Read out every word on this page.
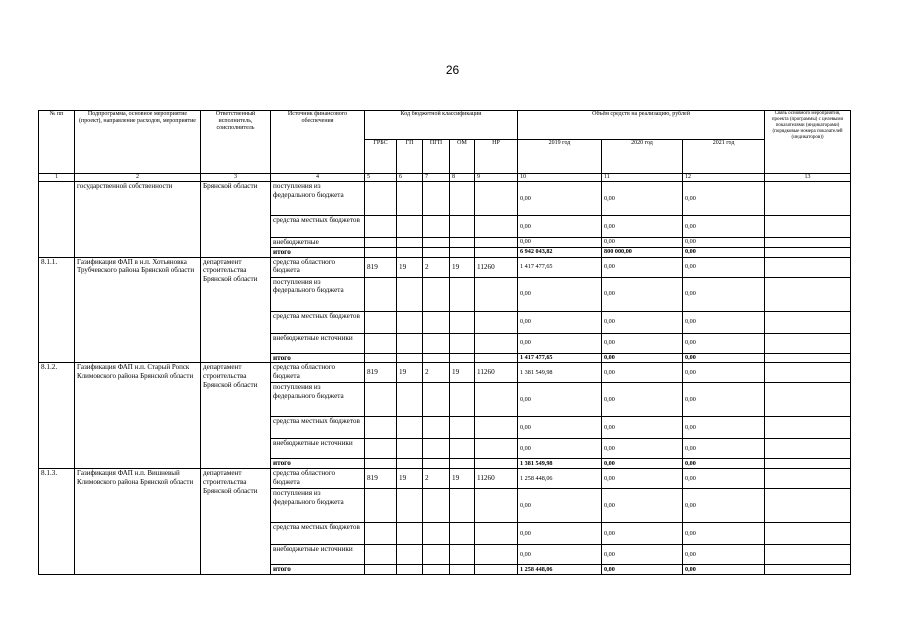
26
№ пп	Подпрограмма, основное мероприятие (проект), направление расходов, мероприятие	Ответственный исполнитель, соисполнитель	Источник финансового обеспечения	Код бюджетной классификации					Объём средств на реализацию, рублей			Связь основного мероприятия, проекта (программы) с целевыми показателями (индикаторами) (порядковые номера показателей (индикаторов))
				ГРБС	ГП	ПГП	ОМ	НР	2019 год	2020 год	2021 год	
1	2	3	4	5	6	7	8	9	10	11	12	13
	государственной собственности	Брянской области	поступления из федерального бюджета						0,00	0,00	0,00	
			средства местных бюджетов						0,00	0,00	0,00	
			внебюджетные						0,00	0,00	0,00	
			итого						6 942 043,82	800 000,00	0,00	
8.1.1.	Газификация ФАП в н.п. Хотьяновка Трубчевского района Брянской области	департамент строительства Брянской области	средства областного бюджета	819	19	2	19	11260	1 417 477,65	0,00	0,00	
			поступления из федерального бюджета						0,00	0,00	0,00	
			средства местных бюджетов						0,00	0,00	0,00	
			внебюджетные источники						0,00	0,00	0,00	
			итого						1 417 477,65	0,00	0,00	
8.1.2.	Газификация ФАП н.п. Старый Ропск Климовского района Брянской области	департамент строительства Брянской области	средства областного бюджета	819	19	2	19	11260	1 381 549,98	0,00	0,00	
			поступления из федерального бюджета						0,00	0,00	0,00	
			средства местных бюджетов						0,00	0,00	0,00	
			внебюджетные источники						0,00	0,00	0,00	
			итого						1 381 549,98	0,00	0,00	
8.1.3.	Газификация ФАП н.п. Вишневый Климовского района Брянской области	департамент строительства Брянской области	средства областного бюджета	819	19	2	19	11260	1 258 448,06	0,00	0,00	
			поступления из федерального бюджета						0,00	0,00	0,00	
			средства местных бюджетов						0,00	0,00	0,00	
			внебюджетные источники						0,00	0,00	0,00	
			итого						1 258 448,06	0,00	0,00	
